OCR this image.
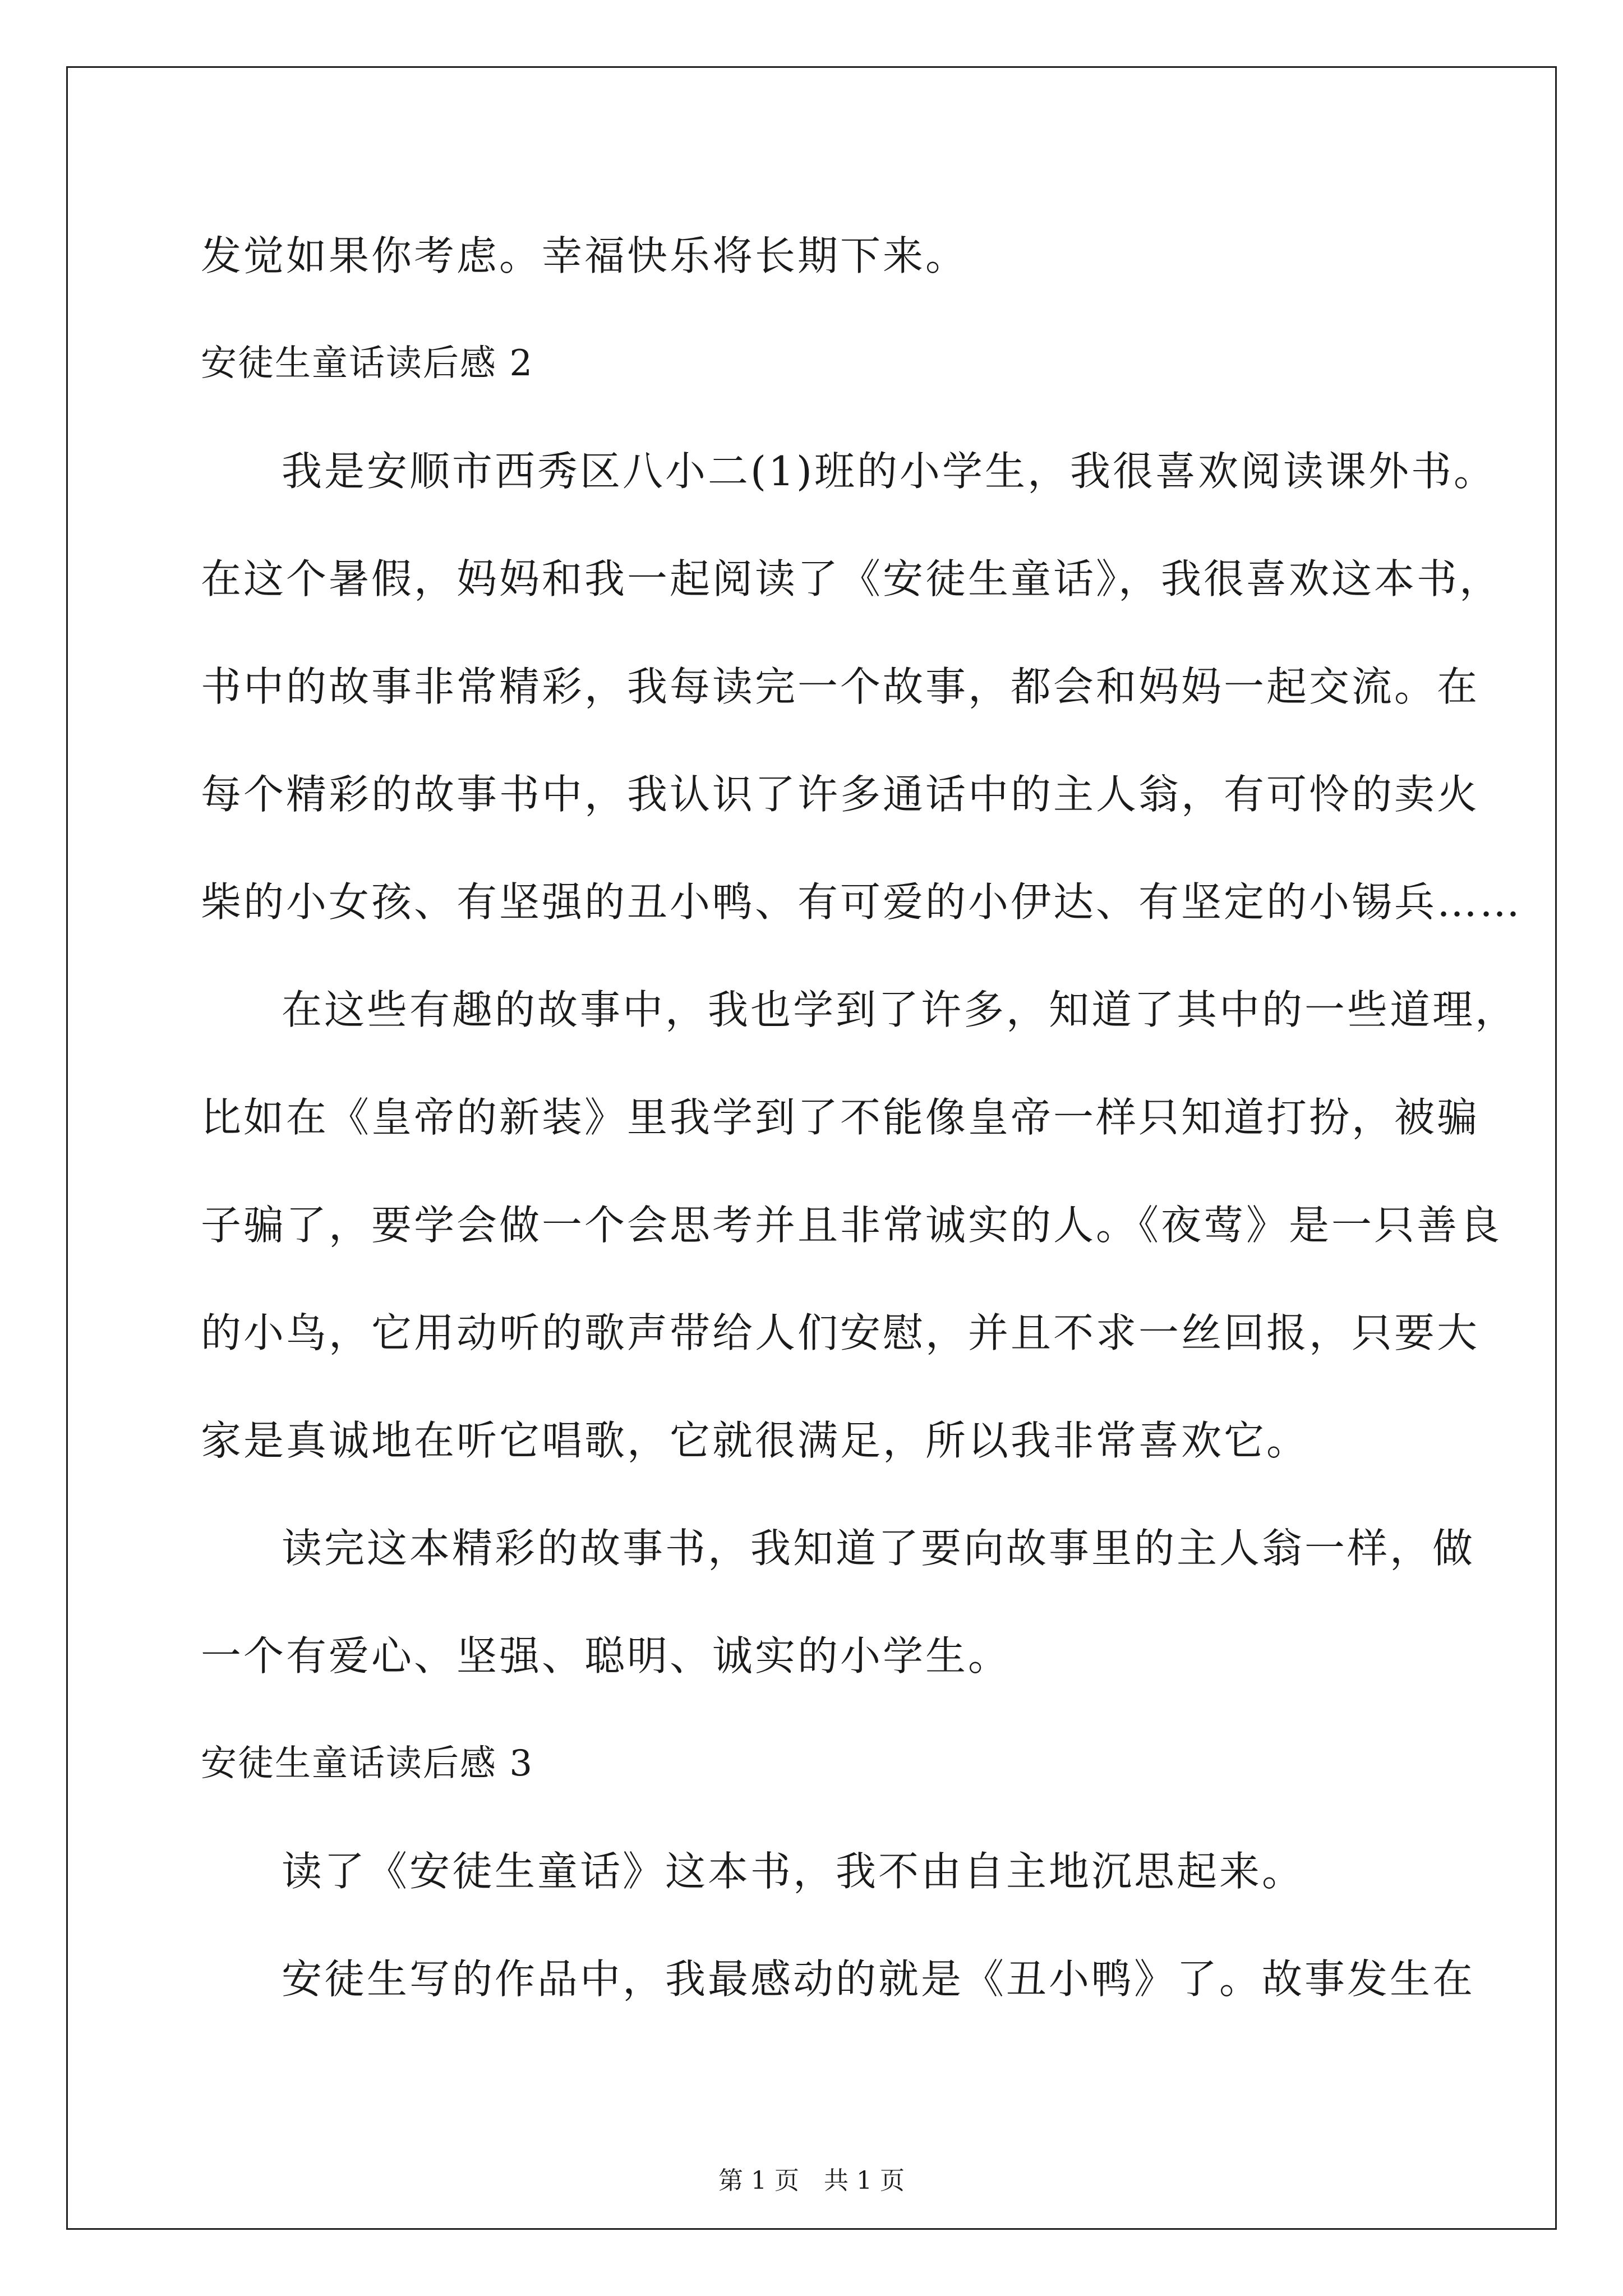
发觉如果你考虑。幸福快乐将长期下来。
安徒生童话读后感 2
我是安顺市西秀区八小二(1)班的小学生，我很喜欢阅读课外书。
在这个暑假，妈妈和我一起阅读了《安徒生童话》，我很喜欢这本书，
书中的故事非常精彩，我每读完一个故事，都会和妈妈一起交流。在
每个精彩的故事书中，我认识了许多通话中的主人翁，有可怜的卖火
柴的小女孩、有坚强的丑小鸭、有可爱的小伊达、有坚定的小锡兵……
在这些有趣的故事中，我也学到了许多，知道了其中的一些道理，
比如在《皇帝的新装》里我学到了不能像皇帝一样只知道打扮，被骗
子骗了，要学会做一个会思考并且非常诚实的人。《夜莺》是一只善良
的小鸟，它用动听的歌声带给人们安慰，并且不求一丝回报，只要大
家是真诚地在听它唱歌，它就很满足，所以我非常喜欢它。
读完这本精彩的故事书，我知道了要向故事里的主人翁一样，做
一个有爱心、坚强、聪明、诚实的小学生。
安徒生童话读后感 3
读了《安徒生童话》这本书，我不由自主地沉思起来。
安徒生写的作品中，我最感动的就是《丑小鸭》了。故事发生在
第 1 页　共 1 页
